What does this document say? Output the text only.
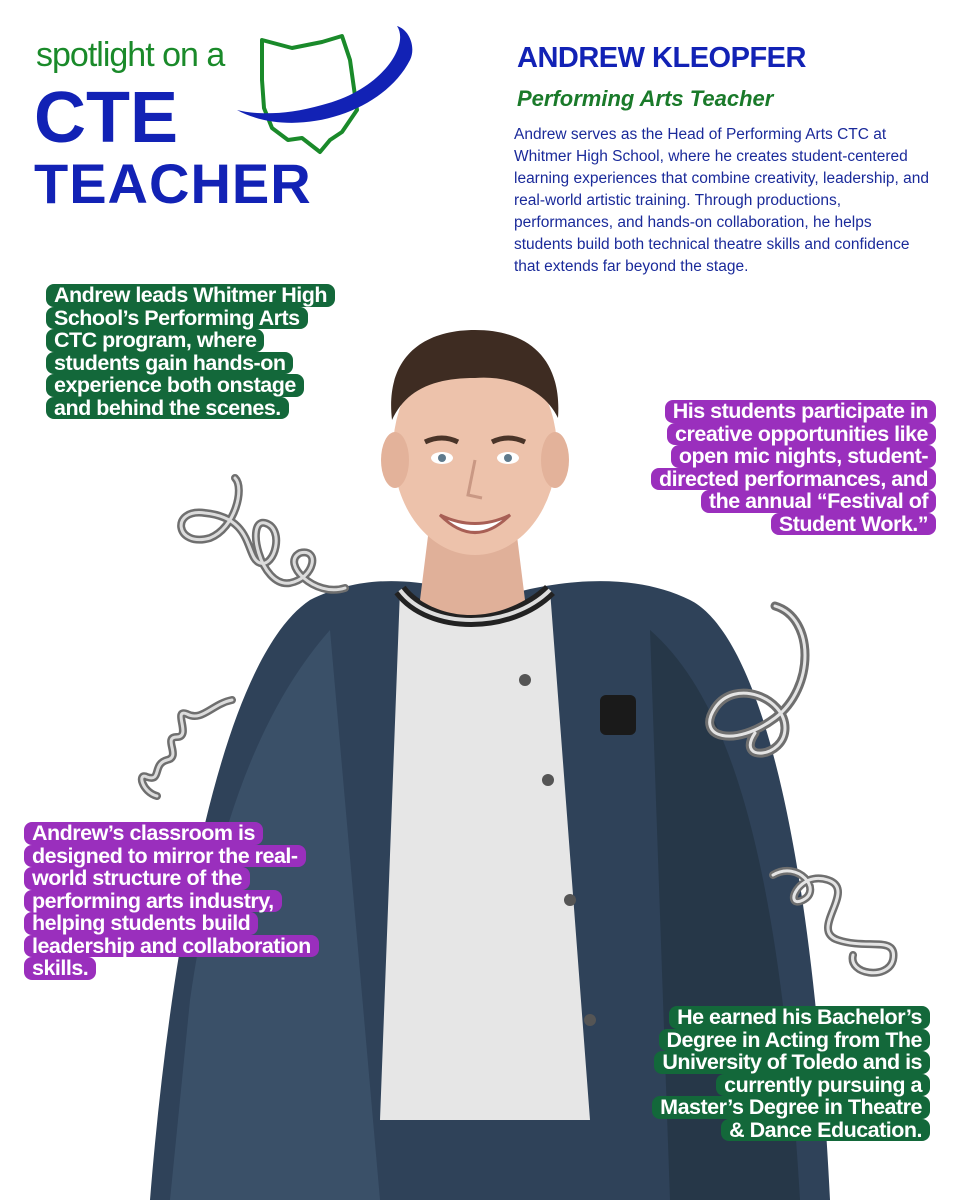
spotlight on a

CTE

TEACHER

ANDREW KLEOPFER

Performing Arts Teacher

Andrew serves as the Head of Performing Arts CTC at Whitmer High School, where he creates student-centered learning experiences that combine creativity, leadership, and real-world artistic training. Through productions, performances, and hands-on collaboration, he helps students build both technical theatre skills and confidence that extends far beyond the stage.

Andrew leads Whitmer High
School’s Performing Arts
CTC program, where
students gain hands-on
experience both onstage
and behind the scenes.	His students participate in
creative opportunities like
open mic nights, student-
directed performances, and
the annual “Festival of
Student Work.”
Andrew’s classroom is
designed to mirror the real-
world structure of the
performing arts industry,
helping students build
leadership and collaboration
skills.
He earned his Bachelor’s
Degree in Acting from The
University of Toledo and is
currently pursuing a
Master’s Degree in Theatre
& Dance Education.
